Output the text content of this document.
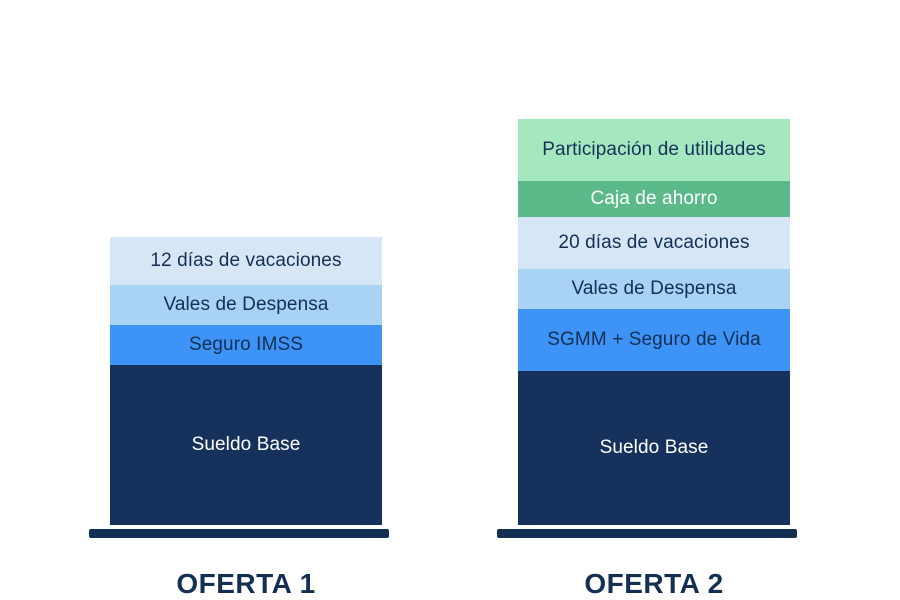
12 días de vacaciones
Vales de Despensa
Seguro IMSS
Sueldo Base
OFERTA 1
Participación de utilidades
Caja de ahorro
20 días de vacaciones
Vales de Despensa
SGMM + Seguro de Vida
Sueldo Base
OFERTA 2
